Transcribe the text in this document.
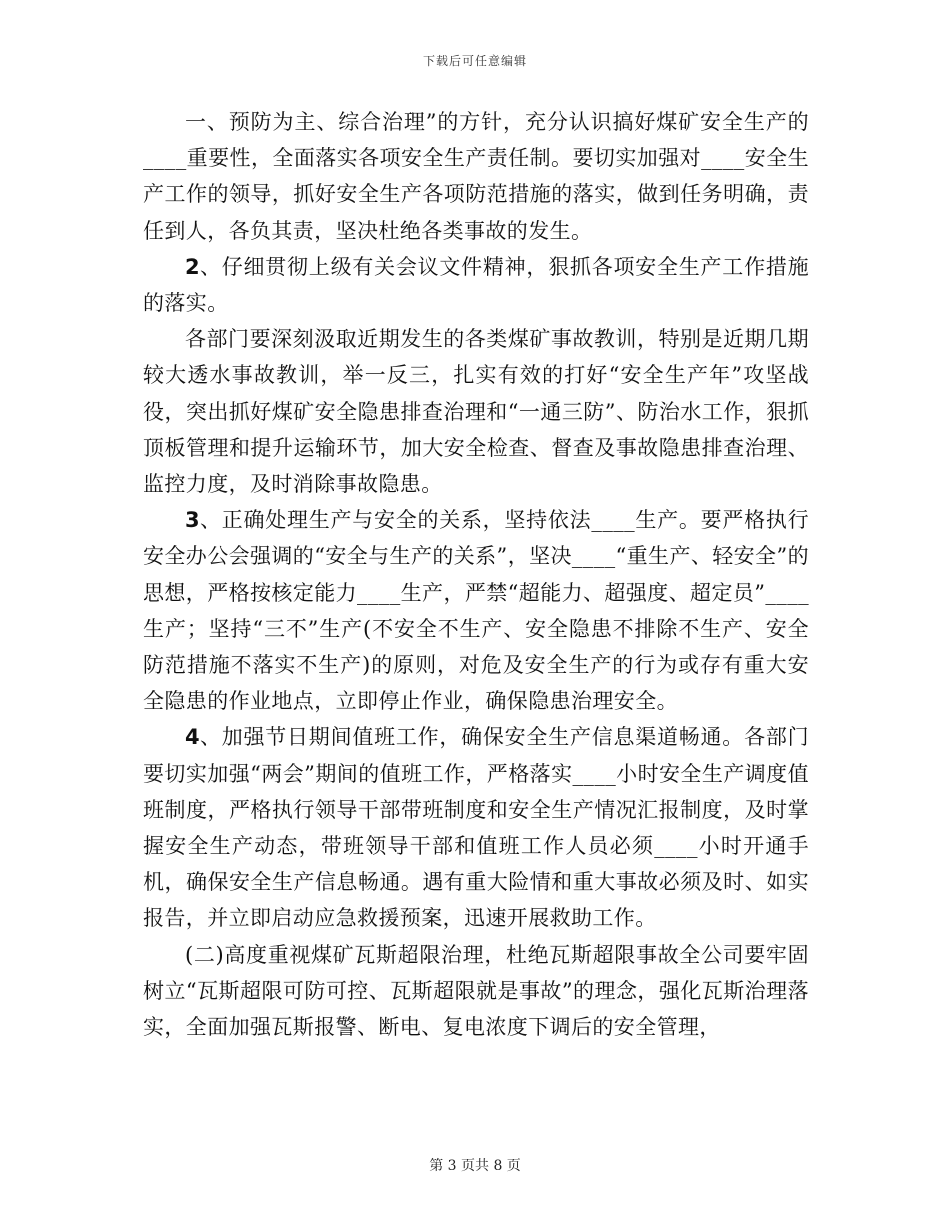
下载后可任意编辑

一、预防为主、综合治理”的方针，充分认识搞好煤矿安全生产的____重要性，全面落实各项安全生产责任制。要切实加强对____安全生产工作的领导，抓好安全生产各项防范措施的落实，做到任务明确，责任到人，各负其责，坚决杜绝各类事故的发生。

2、仔细贯彻上级有关会议文件精神，狠抓各项安全生产工作措施的落实。

各部门要深刻汲取近期发生的各类煤矿事故教训，特别是近期几期较大透水事故教训，举一反三，扎实有效的打好“安全生产年”攻坚战役，突出抓好煤矿安全隐患排查治理和“一通三防”、防治水工作，狠抓顶板管理和提升运输环节，加大安全检查、督查及事故隐患排查治理、监控力度，及时消除事故隐患。

3、正确处理生产与安全的关系，坚持依法____生产。要严格执行安全办公会强调的“安全与生产的关系”，坚决____“重生产、轻安全”的思想，严格按核定能力____生产，严禁“超能力、超强度、超定员”____生产；坚持“三不”生产(不安全不生产、安全隐患不排除不生产、安全防范措施不落实不生产)的原则，对危及安全生产的行为或存有重大安全隐患的作业地点，立即停止作业，确保隐患治理安全。

4、加强节日期间值班工作，确保安全生产信息渠道畅通。各部门要切实加强“两会”期间的值班工作，严格落实____小时安全生产调度值班制度，严格执行领导干部带班制度和安全生产情况汇报制度，及时掌握安全生产动态，带班领导干部和值班工作人员必须____小时开通手机，确保安全生产信息畅通。遇有重大险情和重大事故必须及时、如实报告，并立即启动应急救援预案，迅速开展救助工作。

(二)高度重视煤矿瓦斯超限治理，杜绝瓦斯超限事故全公司要牢固树立“瓦斯超限可防可控、瓦斯超限就是事故”的理念，强化瓦斯治理落实，全面加强瓦斯报警、断电、复电浓度下调后的安全管理，

第 3 页共 8 页
